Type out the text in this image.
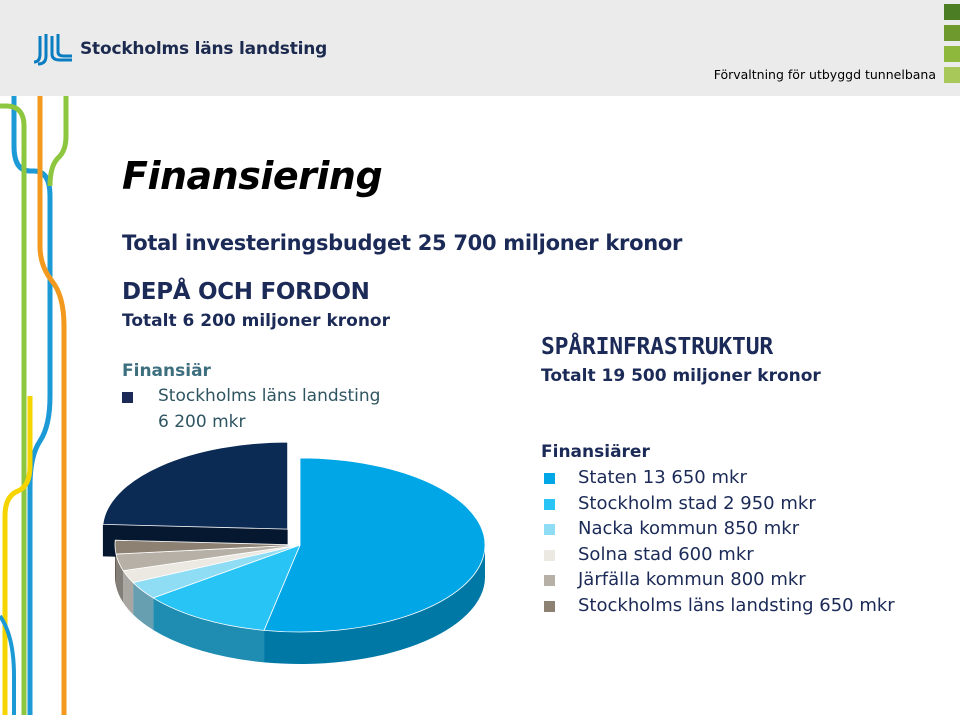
Stockholms läns landsting
Förvaltning för utbyggd tunnelbana
Finansiering
Total investeringsbudget 25 700 miljoner kronor
DEPÅ OCH FORDON
Totalt 6 200 miljoner kronor
Finansiär
Stockholms läns landsting
6 200 mkr
SPÅRINFRASTRUKTUR
Totalt 19 500 miljoner kronor
Finansiärer
Staten 13 650 mkr
Stockholm stad 2 950 mkr
Nacka kommun 850 mkr
Solna stad 600 mkr
Järfälla kommun 800 mkr
Stockholms läns landsting 650 mkr
